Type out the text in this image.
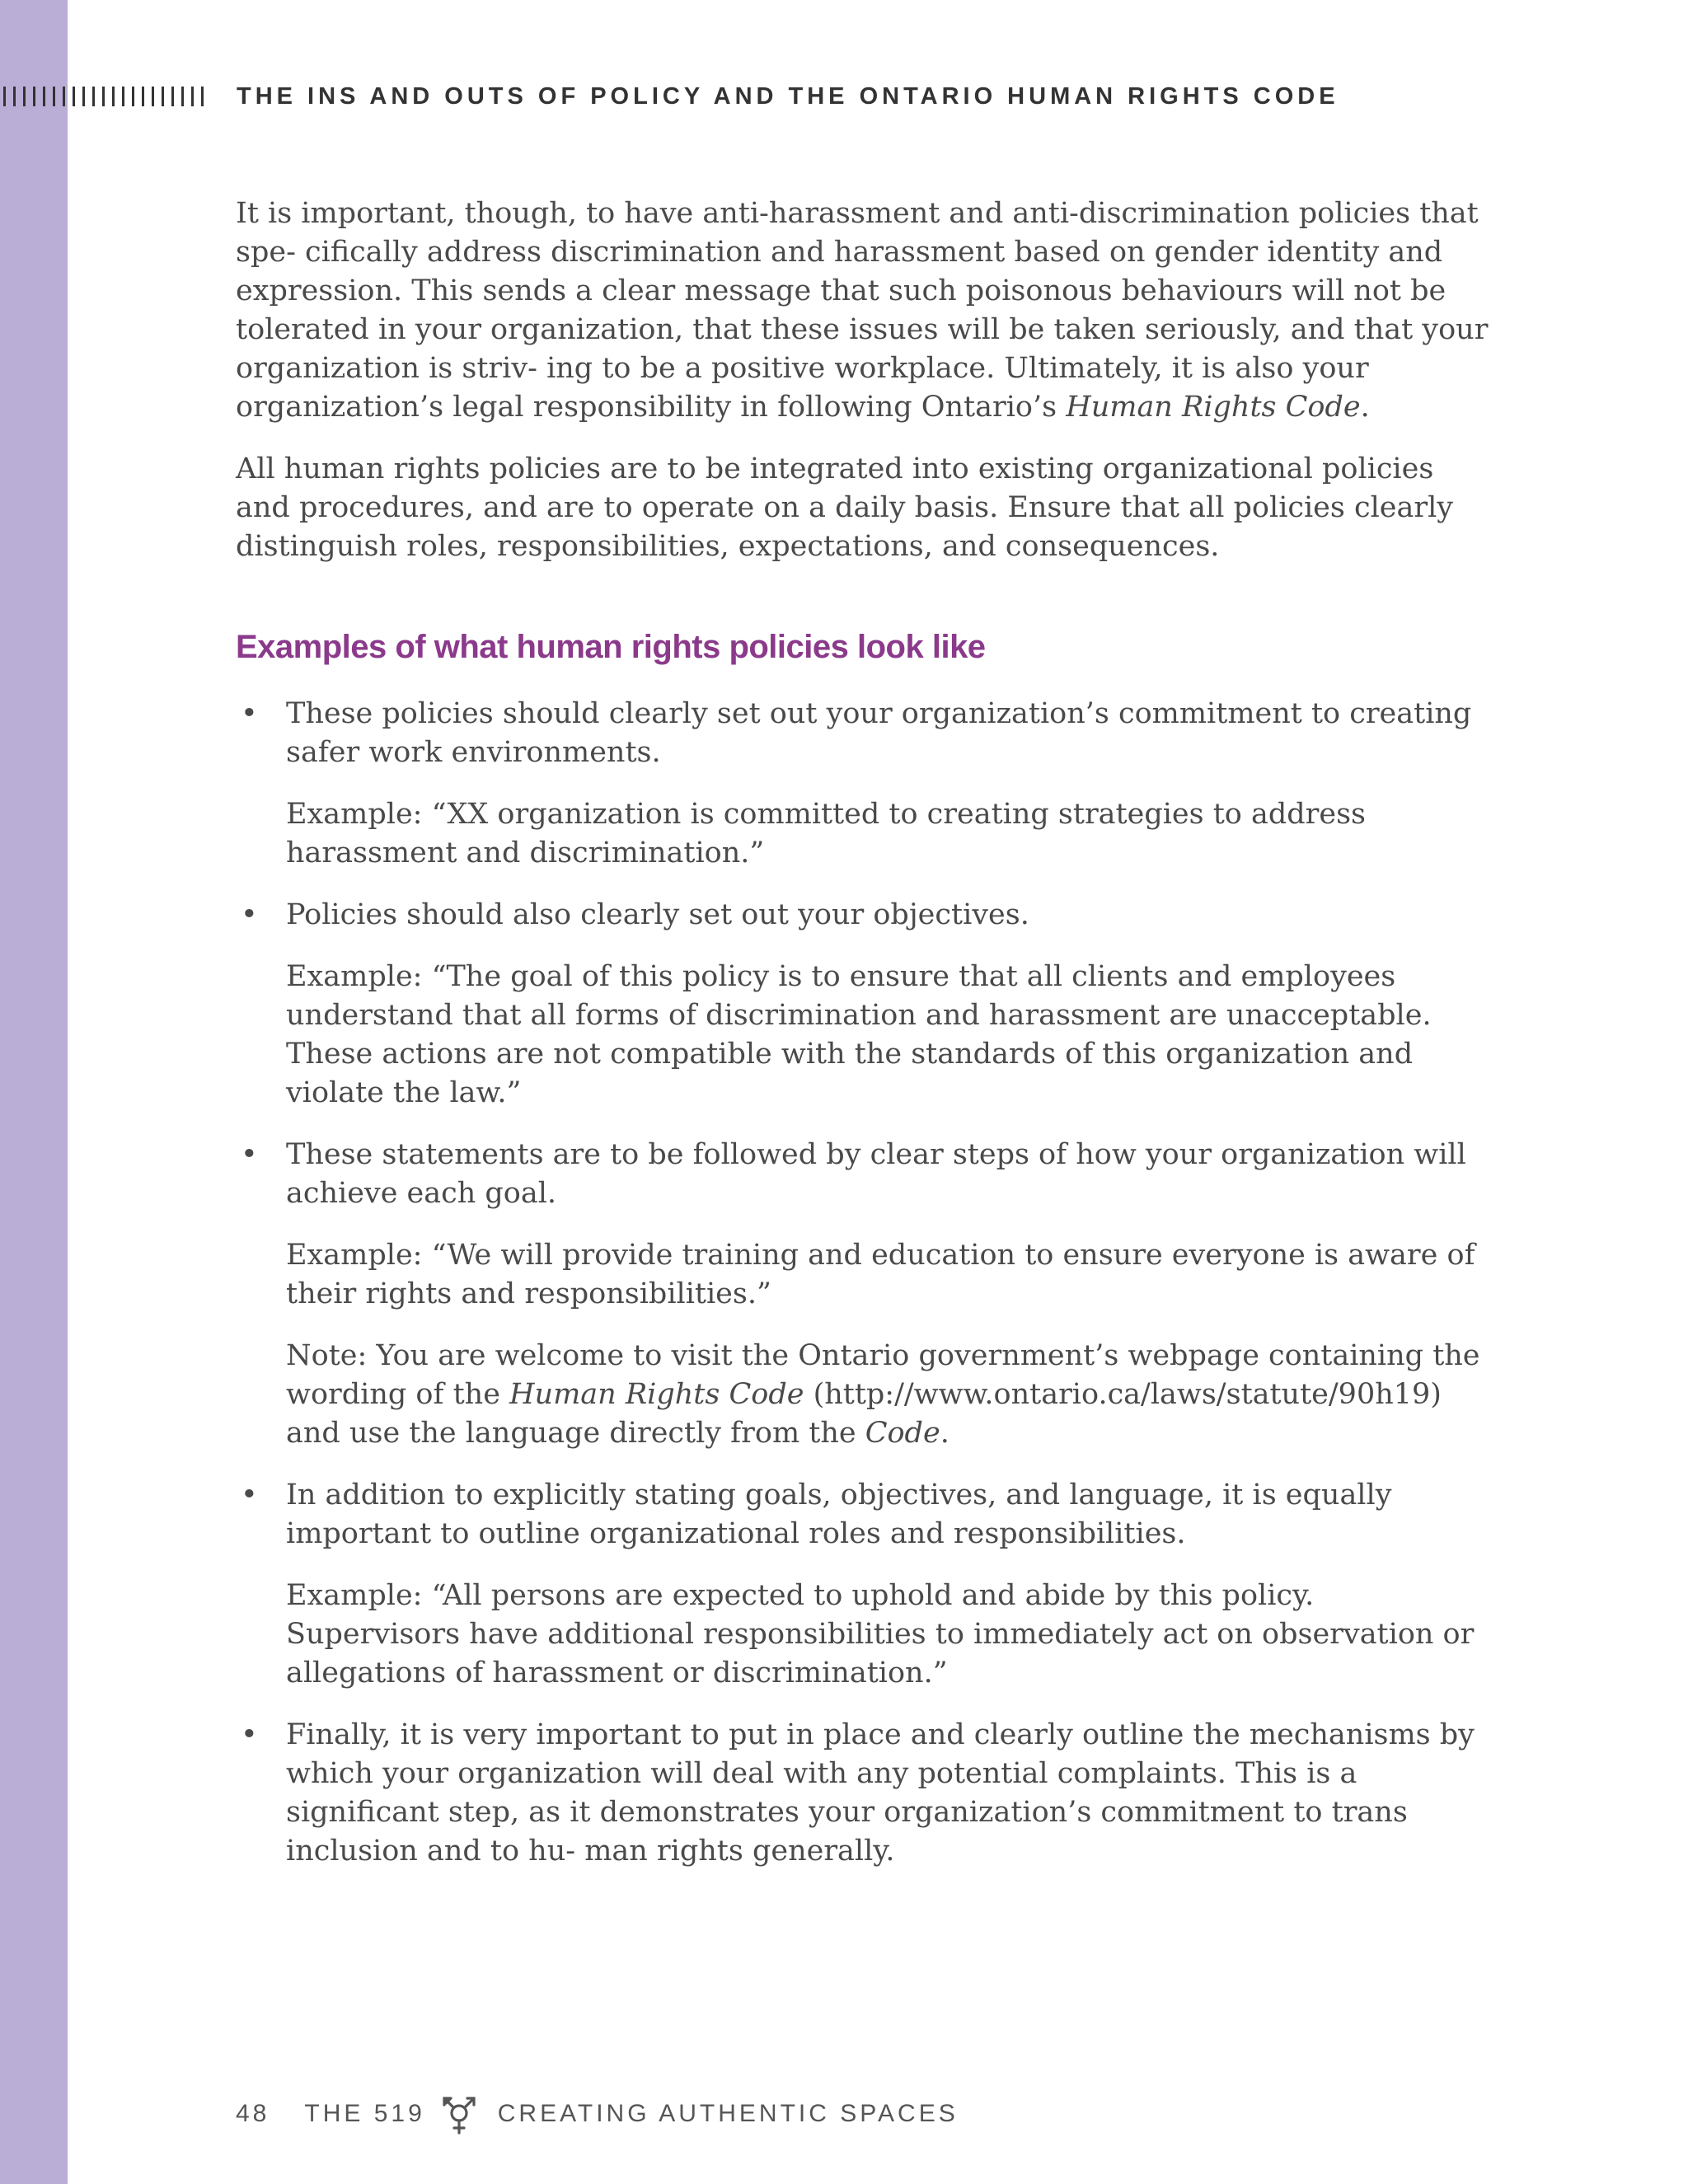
THE INS AND OUTS OF POLICY AND THE ONTARIO HUMAN RIGHTS CODE

It is important, though, to have anti-harassment and anti-discrimination policies that spe- cifically address discrimination and harassment based on gender identity and expression. This sends a clear message that such poisonous behaviours will not be tolerated in your organization, that these issues will be taken seriously, and that your organization is striv- ing to be a positive workplace. Ultimately, it is also your organization’s legal responsibility in following Ontario’s Human Rights Code.

All human rights policies are to be integrated into existing organizational policies and procedures, and are to operate on a daily basis. Ensure that all policies clearly distinguish roles, responsibilities, expectations, and consequences.

Examples of what human rights policies look like
• These policies should clearly set out your organization’s commitment to creating safer work environments.
Example: “XX organization is committed to creating strategies to address harassment and discrimination.”
• Policies should also clearly set out your objectives.
Example: “The goal of this policy is to ensure that all clients and employees understand that all forms of discrimination and harassment are unacceptable. These actions are not compatible with the standards of this organization and violate the law.”
• These statements are to be followed by clear steps of how your organization will achieve each goal.
Example: “We will provide training and education to ensure everyone is aware of their rights and responsibilities.”
Note: You are welcome to visit the Ontario government’s webpage containing the wording of the Human Rights Code (http://www.ontario.ca/laws/statute/90h19) and use the language directly from the Code.
• In addition to explicitly stating goals, objectives, and language, it is equally important to outline organizational roles and responsibilities.
Example: “All persons are expected to uphold and abide by this policy. Supervisors have additional responsibilities to immediately act on observation or allegations of harassment or discrimination.”
• Finally, it is very important to put in place and clearly outline the mechanisms by which your organization will deal with any potential complaints. This is a significant step, as it demonstrates your organization’s commitment to trans inclusion and to hu- man rights generally.
48 THE 519	CREATING AUTHENTIC SPACES
